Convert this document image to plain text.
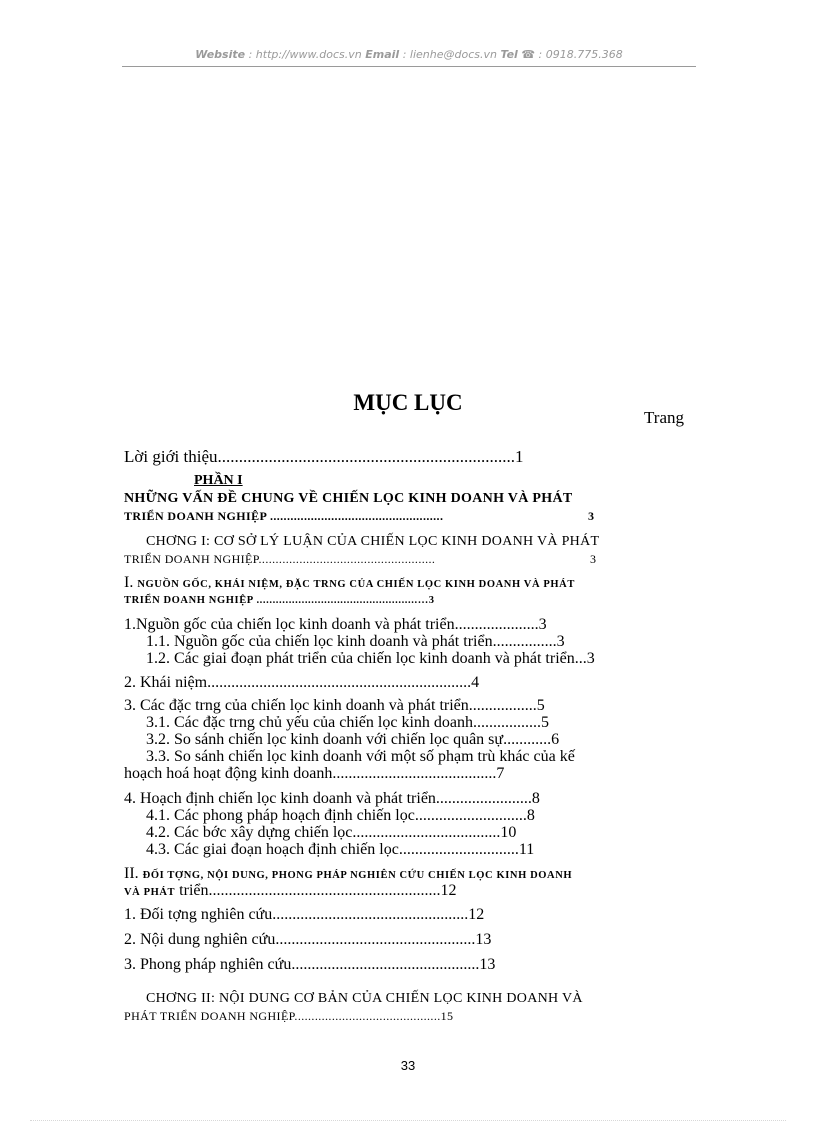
Website : http://www.docs.vn Email : lienhe@docs.vn Tel ☎ : 0918.775.368
MỤC LỤC
Trang
Lời giới thiệu......................................................................1
PHẦN I
NHỮNG VẤN ĐỀ CHUNG VỀ CHIẾN LỌC KINH DOANH VÀ PHÁT
TRIỂN DOANH NGHIỆP ...................................................	3
CHƠNG I: CƠ SỞ LÝ LUẬN CỦA CHIẾN LỌC KINH DOANH VÀ PHÁT
TRIỂN DOANH NGHIỆP....................................................	3
I. NGUỒN GỐC, KHÁI NIỆM, ĐẶC TRNG CỦA CHIẾN LỌC KINH DOANH VÀ PHÁT
TRIỂN DOANH NGHIỆP ..................................................…3
1.Nguồn gốc của chiến lọc kinh doanh và phát triển.....................3
1.1. Nguồn gốc của chiến lọc kinh doanh và phát triển................3
1.2. Các giai đoạn phát triển của chiến lọc kinh doanh và phát triển...3
2. Khái niệm..................................................................4
3. Các đặc trng của chiến lọc kinh doanh và phát triển.................5
3.1. Các đặc trng chủ yếu của chiến lọc kinh doanh.................5
3.2. So sánh chiến lọc kinh doanh với chiến lọc quân sự............6
3.3. So sánh chiến lọc kinh doanh với một số phạm trù khác của kế
hoạch hoá hoạt động kinh doanh.........................................7
4. Hoạch định chiến lọc kinh doanh và phát triển........................8
4.1. Các phong pháp hoạch định chiến lọc............................8
4.2. Các bớc xây dựng chiến lọc.....................................10
4.3. Các giai đoạn hoạch định chiến lọc..............................11
II. ĐỐI TỢNG, NỘI DUNG, PHONG PHÁP NGHIÊN CỨU CHIẾN LỌC KINH DOANH
VÀ PHÁT triển..........................................................12
1. Đối tợng nghiên cứu.................................................12
2. Nội dung nghiên cứu..................................................13
3. Phong pháp nghiên cứu...............................................13
CHƠNG II: NỘI DUNG CƠ BẢN CỦA CHIẾN LỌC KINH DOANH VÀ
PHÁT TRIỂN DOANH NGHIỆP...........................................15
33
